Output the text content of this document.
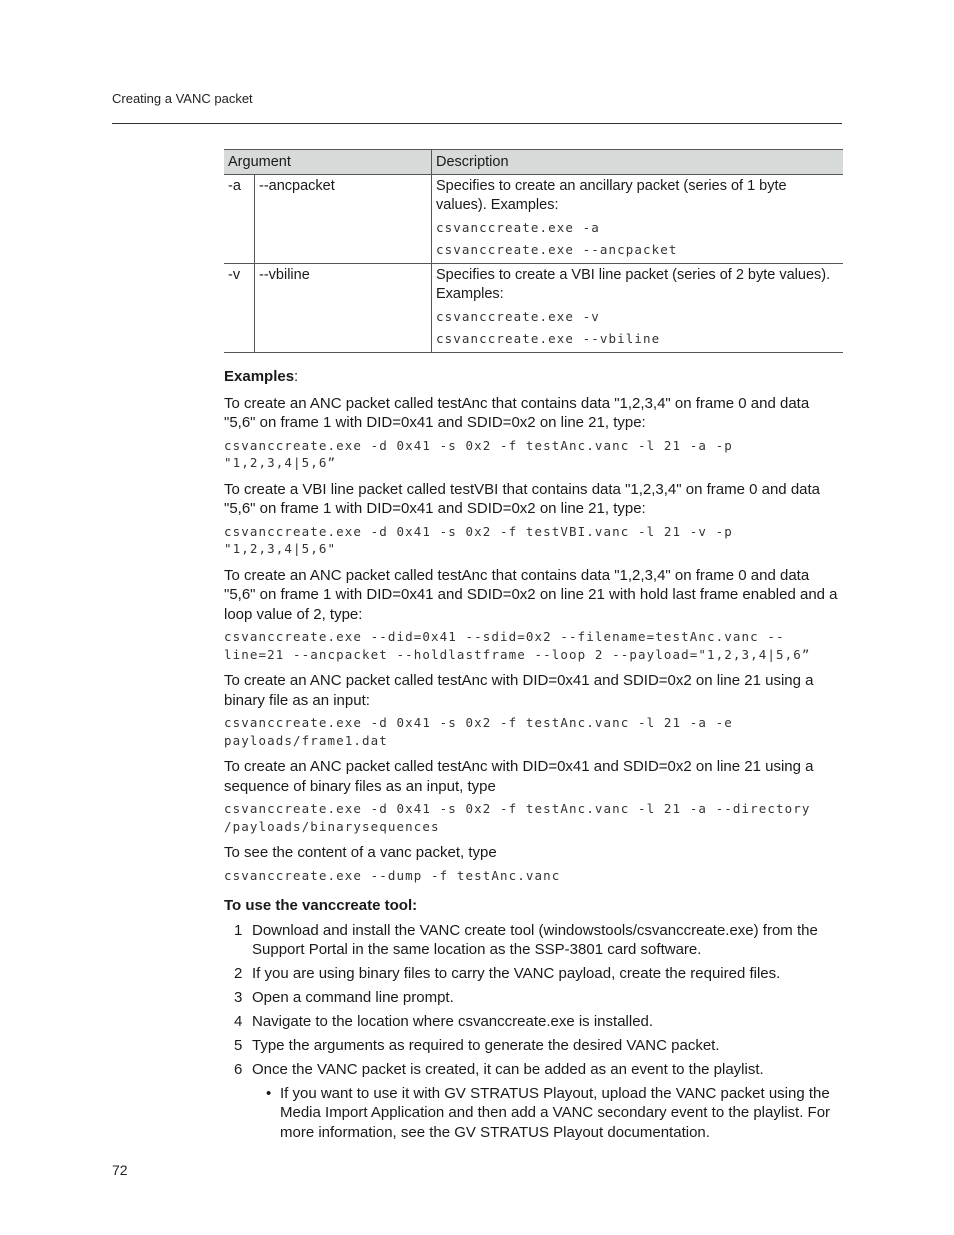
Creating a VANC packet
Argument		Description
-a	--ancpacket	Specifies to create an ancillary packet (series of 1 byte values). Examples:
csvanccreate.exe -a
csvanccreate.exe --ancpacket

-v	--vbiline	Specifies to create a VBI line packet (series of 2 byte values). Examples:
csvanccreate.exe -v
csvanccreate.exe --vbiline
Examples:

To create an ANC packet called testAnc that contains data "1,2,3,4" on frame 0 and data "5,6" on frame 1 with DID=0x41 and SDID=0x2 on line 21, type:

csvanccreate.exe -d 0x41 -s 0x2 -f testAnc.vanc -l 21 -a -p "1,2,3,4|5,6”

To create a VBI line packet called testVBI that contains data "1,2,3,4" on frame 0 and data "5,6" on frame 1 with DID=0x41 and SDID=0x2 on line 21, type:

csvanccreate.exe -d 0x41 -s 0x2 -f testVBI.vanc -l 21 -v -p "1,2,3,4|5,6"

To create an ANC packet called testAnc that contains data "1,2,3,4" on frame 0 and data "5,6" on frame 1 with DID=0x41 and SDID=0x2 on line 21 with hold last frame enabled and a loop value of 2, type:

csvanccreate.exe --did=0x41 --sdid=0x2 --filename=testAnc.vanc --line=21 --ancpacket --holdlastframe --loop 2 --payload="1,2,3,4|5,6”

To create an ANC packet called testAnc with DID=0x41 and SDID=0x2 on line 21 using a binary file as an input:

csvanccreate.exe -d 0x41 -s 0x2 -f testAnc.vanc -l 21 -a -e payloads/frame1.dat

To create an ANC packet called testAnc with DID=0x41 and SDID=0x2 on line 21 using a sequence of binary files as an input, type

csvanccreate.exe -d 0x41 -s 0x2 -f testAnc.vanc -l 21 -a --directory /payloads/binarysequences

To see the content of a vanc packet, type

csvanccreate.exe --dump -f testAnc.vanc
To use the vanccreate tool:
1 Download and install the VANC create tool (windowstools/csvanccreate.exe) from the Support Portal in the same location as the SSP-3801 card software.
2 If you are using binary files to carry the VANC payload, create the required files.
3 Open a command line prompt.
4 Navigate to the location where csvanccreate.exe is installed.
5 Type the arguments as required to generate the desired VANC packet.
6 Once the VANC packet is created, it can be added as an event to the playlist.
• If you want to use it with GV STRATUS Playout, upload the VANC packet using the Media Import Application and then add a VANC secondary event to the playlist. For more information, see the GV STRATUS Playout documentation.
72
